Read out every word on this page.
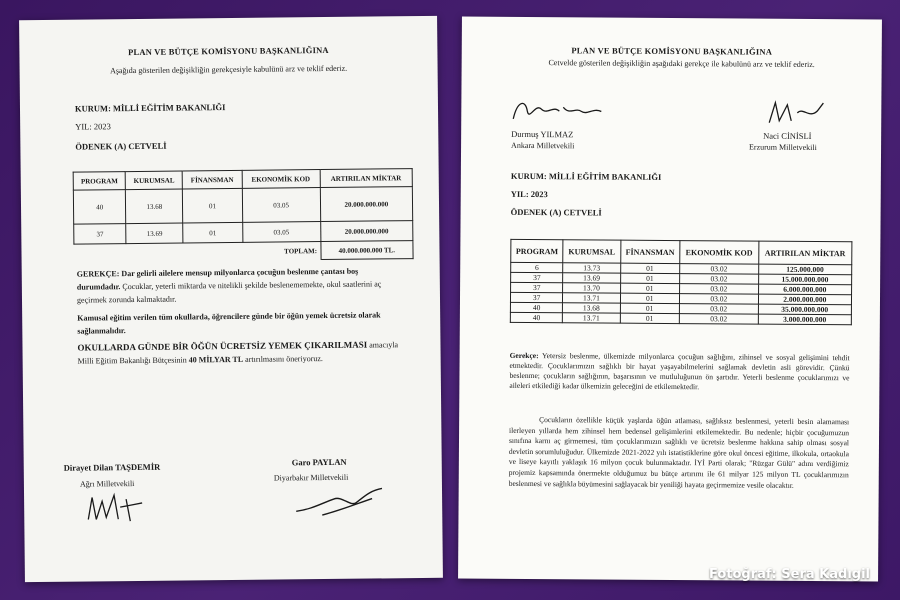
PLAN VE BÜTÇE KOMİSYONU BAŞKANLIĞINA
Aşağıda gösterilen değişikliğin gerekçesiyle kabulünü arz ve teklif ederiz.
KURUM: MİLLİ EĞİTİM BAKANLIĞI
YIL: 2023
ÖDENEK (A) CETVELİ
PROGRAM	KURUMSAL	FİNANSMAN	EKONOMİK KOD	ARTIRILAN MİKTAR
40	13.68	01	03.05	20.000.000.000
37	13.69	01	03.05	20.000.000.000
TOPLAM:				40.000.000.000 TL.
GEREKÇE: Dar gelirli ailelere mensup milyonlarca çocuğun beslenme çantası boş durumdadır. Çocuklar, yeterli miktarda ve nitelikli şekilde beslenememekte, okul saatlerini aç geçirmek zorunda kalmaktadır.
Kamusal eğitim verilen tüm okullarda, öğrencilere günde bir öğün yemek ücretsiz olarak sağlanmalıdır.
OKULLARDA GÜNDE BİR ÖĞÜN ÜCRETSİZ YEMEK ÇIKARILMASI amacıyla Milli Eğitim Bakanlığı Bütçesinin 40 MİLYAR TL artırılmasını öneriyoruz.
Dirayet Dilan TAŞDEMİR
Ağrı Milletvekili
Garo PAYLAN
Diyarbakır Milletvekili
PLAN VE BÜTÇE KOMİSYONU BAŞKANLIĞINA
Cetvelde gösterilen değişikliğin aşağıdaki gerekçe ile kabulünü arz ve teklif ederiz.
Durmuş YILMAZ
Ankara Milletvekili
Naci CİNİSLİ
Erzurum Milletvekili
KURUM: MİLLİ EĞİTİM BAKANLIĞI
YIL: 2023
ÖDENEK (A) CETVELİ
PROGRAM	KURUMSAL	FİNANSMAN	EKONOMİK KOD	ARTIRILAN MİKTAR
6	13.73	01	03.02	125.000.000
37	13.69	01	03.02	15.000.000.000
37	13.70	01	03.02	6.000.000.000
37	13.71	01	03.02	2.000.000.000
40	13.68	01	03.02	35.000.000.000
40	13.71	01	03.02	3.000.000.000
Gerekçe: Yetersiz beslenme, ülkemizde milyonlarca çocuğun sağlığını, zihinsel ve sosyal gelişimini tehdit etmektedir. Çocuklarımızın sağlıklı bir hayat yaşayabilmelerini sağlamak devletin asli görevidir. Çünkü beslenme; çocukların sağlığının, başarısının ve mutluluğunun ön şartıdır. Yeterli beslenme çocuklarımızı ve aileleri etkilediği kadar ülkemizin geleceğini de etkilemektedir.
Çocukların özellikle küçük yaşlarda öğün atlaması, sağlıksız beslenmesi, yeterli besin alamaması ilerleyen yıllarda hem zihinsel hem bedensel gelişimlerini etkilemektedir. Bu nedenle; hiçbir çocuğumuzun sınıfına karnı aç girmemesi, tüm çocuklarımızın sağlıklı ve ücretsiz beslenme hakkına sahip olması sosyal devletin sorumluluğudur. Ülkemizde 2021-2022 yılı istatistiklerine göre okul öncesi eğitime, ilkokula, ortaokula ve liseye kayıtlı yaklaşık 16 milyon çocuk bulunmaktadır. İYİ Parti olarak; "Rüzgar Gülü" adını verdiğimiz projemiz kapsamında önermekte olduğumuz bu bütçe artırımı ile 61 milyar 125 milyon TL çocuklarımızın beslenmesi ve sağlıkla büyümesini sağlayacak bir yeniliği hayata geçirmemize vesile olacaktır.
Fotoğraf: Sera Kadıgil
